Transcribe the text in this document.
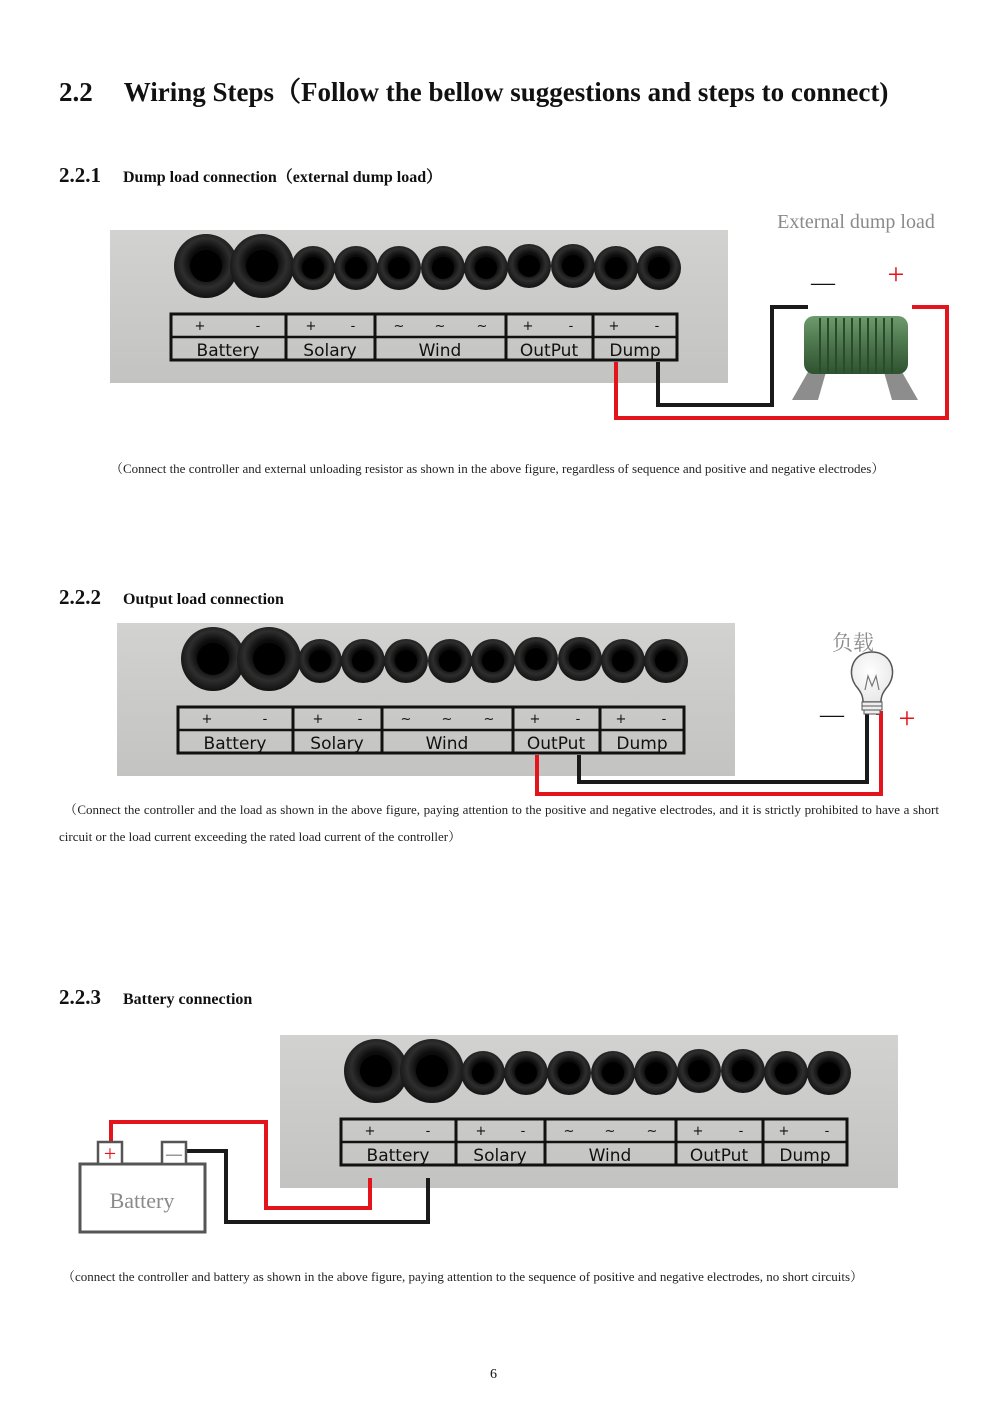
2.2 Wiring Steps（Follow the bellow suggestions and steps to connect)
2.2.1 Dump load connection（external dump load）
（Connect the controller and external unloading resistor as shown in the above figure, regardless of sequence and positive and negative electrodes）
2.2.2 Output load connection
（Connect the controller and the load as shown in the above figure, paying attention to the positive and negative electrodes, and it is strictly prohibited to have a short circuit or the load current exceeding the rated load current of the controller）
2.2.3 Battery connection
（connect the controller and battery as shown in the above figure, paying attention to the sequence of positive and negative electrodes, no short circuits）
6
+	-	+	-	~ ~ ~	+	-	+	-
Battery	Solary	Wind	OutPut Dump
External dump load
— +
+	-	+	-	~ ~ ~	+	-	+	-
Battery	Solary	Wind	OutPut Dump
负载
— +
+	-	+	-	~ ~ ~	+	-	+	-
Battery	Solary	Wind	OutPut Dump
+	—
Battery
